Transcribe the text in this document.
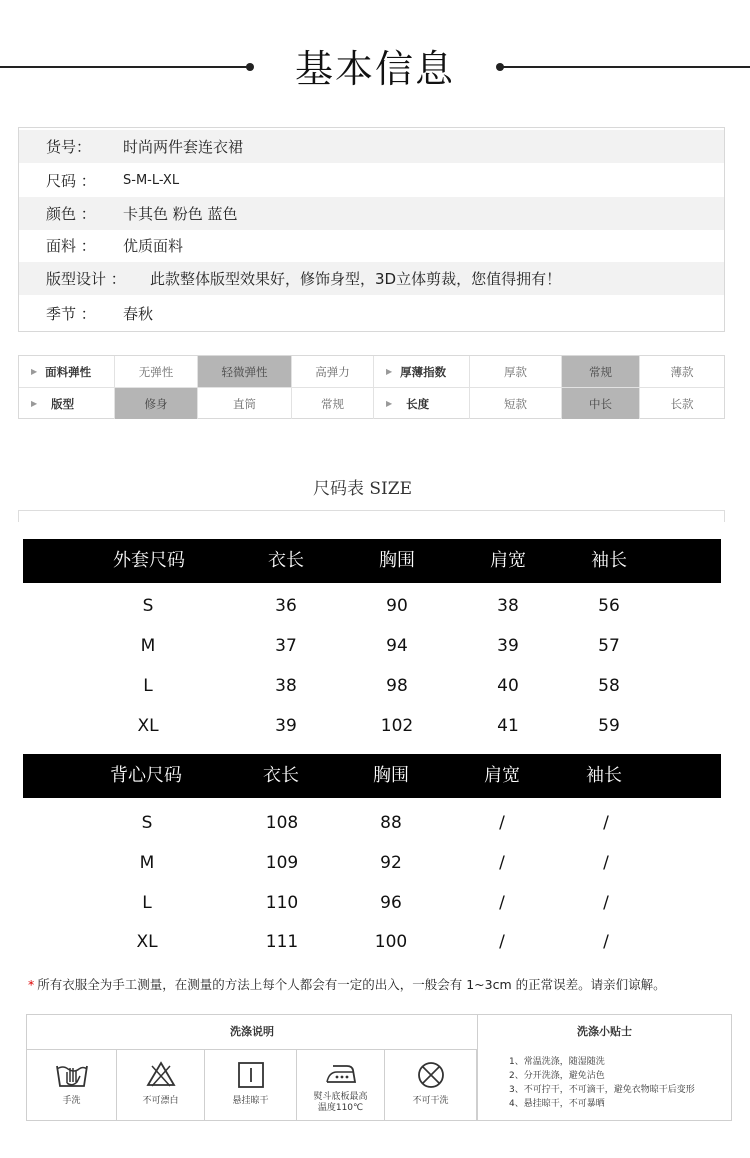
基本信息
货号： 时尚两件套连衣裙
尺码 ： S-M-L-XL
颜色 ： 卡其色 粉色 蓝色
面料 ： 优质面料
版型设计 ： 此款整体版型效果好，修饰身型，3D立体剪裁，您值得拥有！
季节 ： 春秋
▶ 面料弹性	无弹性	轻微弹性	高弹力	▶ 厚薄指数	厚款	常规	薄款
▶ 版型	修身	直筒	常规	▶ 长度	短款	中长	长款
尺码表 SIZE
外套尺码	衣长	胸围	肩宽	袖长
S	36	90	38	56
M	37	94	39	57
L	38	98	40	58
XL	39	102	41	59
背心尺码	衣长	胸围	肩宽	袖长
S	108	88	/	/
M	109	92	/	/
L	110	96	/	/
XL	111	100	/	/
* 所有衣服全为手工测量，在测量的方法上每个人都会有一定的出入，一般会有 1~3cm 的正常误差。请亲们谅解。
洗涤说明	洗涤小贴士
手洗	不可漂白	悬挂晾干	熨斗底板最高
温度110℃
不可干洗
1、常温洗涤，随湿随洗
2、分开洗涤，避免沾色
3、不可拧干，不可滴干，避免衣物晾干后变形
4、悬挂晾干，不可暴晒
